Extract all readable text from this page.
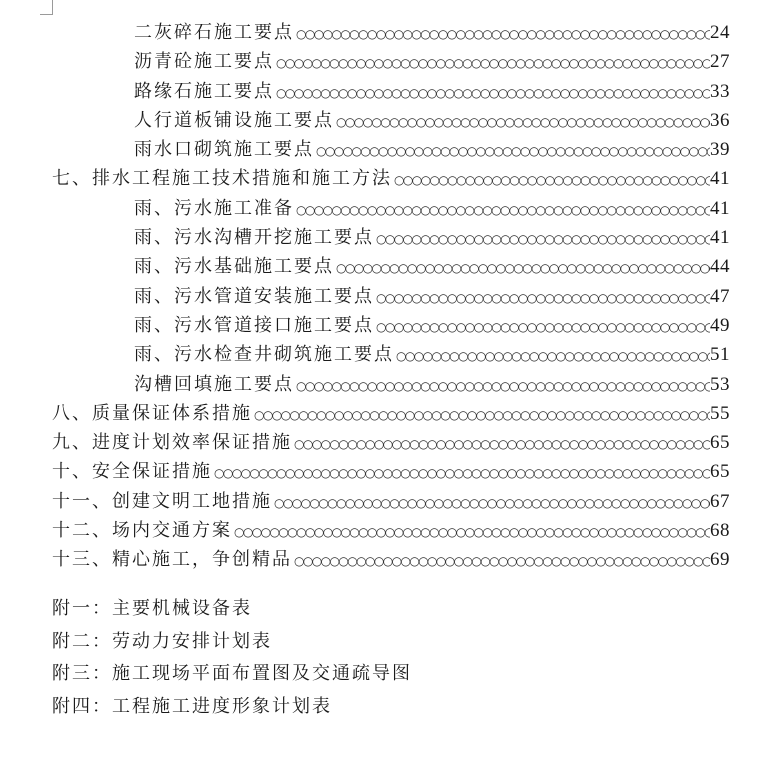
二灰碎石施工要点 ○○○○○○○○○○○○○○○○○○○○○○○○○○○○○○○○○○○○○○○○○○○○○○○○○○○○○○○○○○○○○○○○○○○○○○○○○○○○○○○○○○○○○○○○○○○○	24
沥青砼施工要点 ○○○○○○○○○○○○○○○○○○○○○○○○○○○○○○○○○○○○○○○○○○○○○○○○○○○○○○○○○○○○○○○○○○○○○○○○○○○○○○○○○○○○○○○○○○○○	27
路缘石施工要点 ○○○○○○○○○○○○○○○○○○○○○○○○○○○○○○○○○○○○○○○○○○○○○○○○○○○○○○○○○○○○○○○○○○○○○○○○○○○○○○○○○○○○○○○○○○○○	33
人行道板铺设施工要点 ○○○○○○○○○○○○○○○○○○○○○○○○○○○○○○○○○○○○○○○○○○○○○○○○○○○○○○○○○○○○○○○○○○○○○○○○○○○○○○○○○○○○○○○○○○○○	36
雨水口砌筑施工要点 ○○○○○○○○○○○○○○○○○○○○○○○○○○○○○○○○○○○○○○○○○○○○○○○○○○○○○○○○○○○○○○○○○○○○○○○○○○○○○○○○○○○○○○○○○○○○	39
七、排水工程施工技术措施和施工方法 ○○○○○○○○○○○○○○○○○○○○○○○○○○○○○○○○○○○○○○○○○○○○○○○○○○○○○○○○○○○○○○○○○○○○○○○○○○○○○○○○○○○○○○○○○○○○	41
雨、污水施工准备 ○○○○○○○○○○○○○○○○○○○○○○○○○○○○○○○○○○○○○○○○○○○○○○○○○○○○○○○○○○○○○○○○○○○○○○○○○○○○○○○○○○○○○○○○○○○○	41
雨、污水沟槽开挖施工要点 ○○○○○○○○○○○○○○○○○○○○○○○○○○○○○○○○○○○○○○○○○○○○○○○○○○○○○○○○○○○○○○○○○○○○○○○○○○○○○○○○○○○○○○○○○○○○	41
雨、污水基础施工要点 ○○○○○○○○○○○○○○○○○○○○○○○○○○○○○○○○○○○○○○○○○○○○○○○○○○○○○○○○○○○○○○○○○○○○○○○○○○○○○○○○○○○○○○○○○○○○	44
雨、污水管道安装施工要点 ○○○○○○○○○○○○○○○○○○○○○○○○○○○○○○○○○○○○○○○○○○○○○○○○○○○○○○○○○○○○○○○○○○○○○○○○○○○○○○○○○○○○○○○○○○○○	47
雨、污水管道接口施工要点 ○○○○○○○○○○○○○○○○○○○○○○○○○○○○○○○○○○○○○○○○○○○○○○○○○○○○○○○○○○○○○○○○○○○○○○○○○○○○○○○○○○○○○○○○○○○○	49
雨、污水检查井砌筑施工要点 ○○○○○○○○○○○○○○○○○○○○○○○○○○○○○○○○○○○○○○○○○○○○○○○○○○○○○○○○○○○○○○○○○○○○○○○○○○○○○○○○○○○○○○○○○○○○	51
沟槽回填施工要点 ○○○○○○○○○○○○○○○○○○○○○○○○○○○○○○○○○○○○○○○○○○○○○○○○○○○○○○○○○○○○○○○○○○○○○○○○○○○○○○○○○○○○○○○○○○○○	53
八、质量保证体系措施 ○○○○○○○○○○○○○○○○○○○○○○○○○○○○○○○○○○○○○○○○○○○○○○○○○○○○○○○○○○○○○○○○○○○○○○○○○○○○○○○○○○○○○○○○○○○○	55
九、进度计划效率保证措施 ○○○○○○○○○○○○○○○○○○○○○○○○○○○○○○○○○○○○○○○○○○○○○○○○○○○○○○○○○○○○○○○○○○○○○○○○○○○○○○○○○○○○○○○○○○○○	65
十、安全保证措施 ○○○○○○○○○○○○○○○○○○○○○○○○○○○○○○○○○○○○○○○○○○○○○○○○○○○○○○○○○○○○○○○○○○○○○○○○○○○○○○○○○○○○○○○○○○○○	65
十一、创建文明工地措施 ○○○○○○○○○○○○○○○○○○○○○○○○○○○○○○○○○○○○○○○○○○○○○○○○○○○○○○○○○○○○○○○○○○○○○○○○○○○○○○○○○○○○○○○○○○○○	67
十二、场内交通方案 ○○○○○○○○○○○○○○○○○○○○○○○○○○○○○○○○○○○○○○○○○○○○○○○○○○○○○○○○○○○○○○○○○○○○○○○○○○○○○○○○○○○○○○○○○○○○	68
十三、精心施工，争创精品 ○○○○○○○○○○○○○○○○○○○○○○○○○○○○○○○○○○○○○○○○○○○○○○○○○○○○○○○○○○○○○○○○○○○○○○○○○○○○○○○○○○○○○○○○○○○○	69
附一：主要机械设备表
附二：劳动力安排计划表
附三：施工现场平面布置图及交通疏导图
附四：工程施工进度形象计划表
